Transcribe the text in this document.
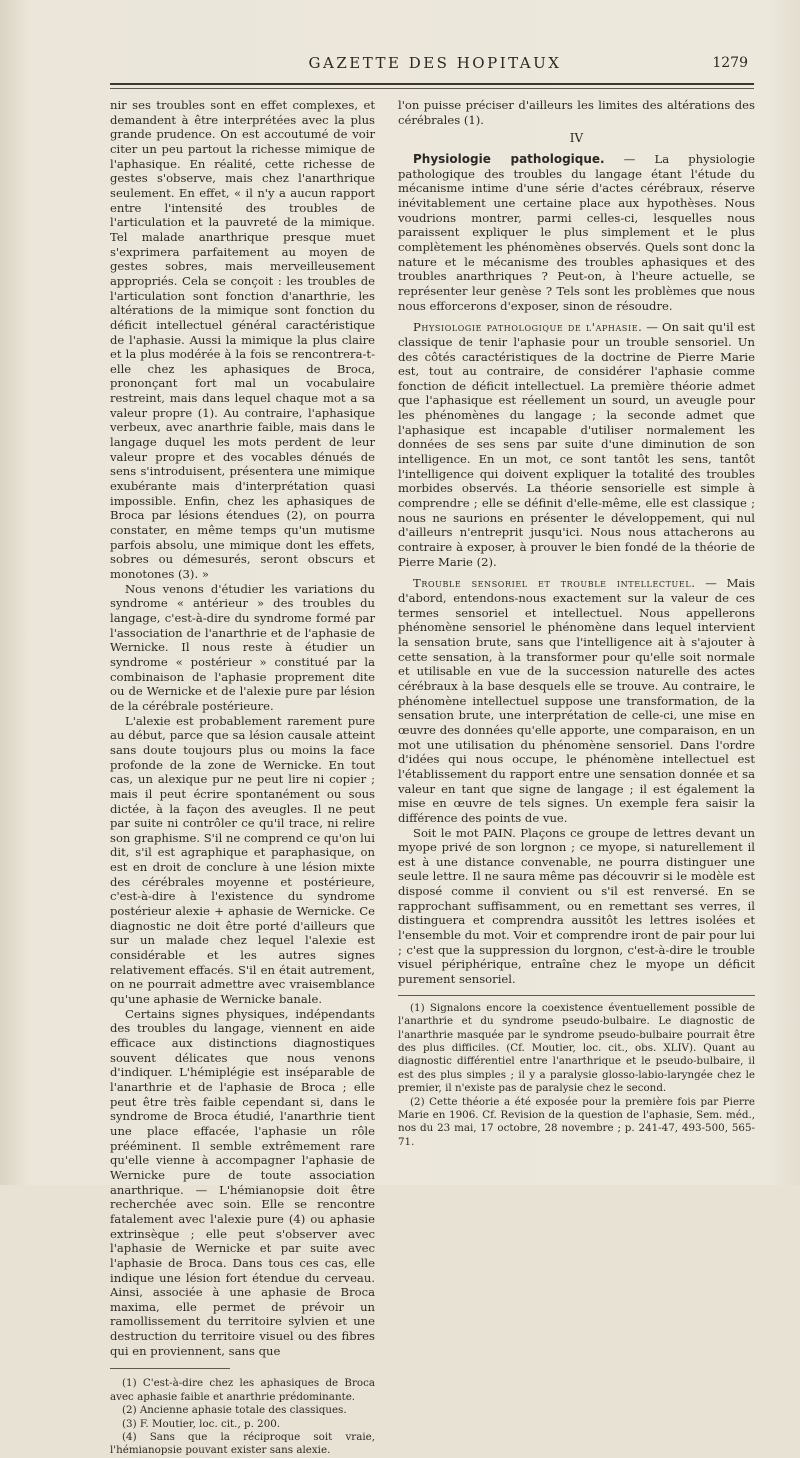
GAZETTE DES HOPITAUX	1279

nir ses troubles sont en effet complexes, et demandent à être interprétées avec la plus grande prudence. On est accoutumé de voir citer un peu partout la richesse mimique de l'aphasique. En réalité, cette richesse de gestes s'observe, mais chez l'anarthrique seulement. En effet, « il n'y a aucun rapport entre l'intensité des troubles de l'articulation et la pauvreté de la mimique. Tel malade anarthrique presque muet s'exprimera parfaitement au moyen de gestes sobres, mais merveilleusement appropriés. Cela se conçoit : les troubles de l'articulation sont fonction d'anarthrie, les altérations de la mimique sont fonction du déficit intellectuel général caractéristique de l'aphasie. Aussi la mimique la plus claire et la plus modérée à la fois se rencontrera-t-elle chez les aphasiques de Broca, prononçant fort mal un vocabulaire restreint, mais dans lequel chaque mot a sa valeur propre (1). Au contraire, l'aphasique verbeux, avec anarthrie faible, mais dans le langage duquel les mots perdent de leur valeur propre et des vocables dénués de sens s'introduisent, présentera une mimique exubérante mais d'interprétation quasi impossible. Enfin, chez les aphasiques de Broca par lésions étendues (2), on pourra constater, en même temps qu'un mutisme parfois absolu, une mimique dont les effets, sobres ou démesurés, seront obscurs et monotones (3). »

Nous venons d'étudier les variations du syndrome « antérieur » des troubles du langage, c'est-à-dire du syndrome formé par l'association de l'anarthrie et de l'aphasie de Wernicke. Il nous reste à étudier un syndrome « postérieur » constitué par la combinaison de l'aphasie proprement dite ou de Wernicke et de l'alexie pure par lésion de la cérébrale postérieure.

L'alexie est probablement rarement pure au début, parce que sa lésion causale atteint sans doute toujours plus ou moins la face profonde de la zone de Wernicke. En tout cas, un alexique pur ne peut lire ni copier ; mais il peut écrire spontanément ou sous dictée, à la façon des aveugles. Il ne peut par suite ni contrôler ce qu'il trace, ni relire son graphisme. S'il ne comprend ce qu'on lui dit, s'il est agraphique et paraphasique, on est en droit de conclure à une lésion mixte des cérébrales moyenne et postérieure, c'est-à-dire à l'existence du syndrome postérieur alexie + aphasie de Wernicke. Ce diagnostic ne doit être porté d'ailleurs que sur un malade chez lequel l'alexie est considérable et les autres signes relativement effacés. S'il en était autrement, on ne pourrait admettre avec vraisemblance qu'une aphasie de Wernicke banale.

Certains signes physiques, indépendants des troubles du langage, viennent en aide efficace aux distinctions diagnostiques souvent délicates que nous venons d'indiquer. L'hémiplégie est inséparable de l'anarthrie et de l'aphasie de Broca ; elle peut être très faible cependant si, dans le syndrome de Broca étudié, l'anarthrie tient une place effacée, l'aphasie un rôle prééminent. Il semble extrêmement rare qu'elle vienne à accompagner l'aphasie de Wernicke pure de toute association anarthrique. — L'hémianopsie doit être recherchée avec soin. Elle se rencontre fatalement avec l'alexie pure (4) ou aphasie extrinsèque ; elle peut s'observer avec l'aphasie de Wernicke et par suite avec l'aphasie de Broca. Dans tous ces cas, elle indique une lésion fort étendue du cerveau. Ainsi, associée à une aphasie de Broca maxima, elle permet de prévoir un ramollissement du territoire sylvien et une destruction du territoire visuel ou des fibres qui en proviennent, sans que

(1) C'est-à-dire chez les aphasiques de Broca avec aphasie faible et anarthrie prédominante.

(2) Ancienne aphasie totale des classiques.

(3) F. Moutier, loc. cit., p. 200.

(4) Sans que la réciproque soit vraie, l'hémianopsie pouvant exister sans alexie.

l'on puisse préciser d'ailleurs les limites des altérations des cérébrales (1).

IV

Physiologie pathologique. — La physiologie pathologique des troubles du langage étant l'étude du mécanisme intime d'une série d'actes cérébraux, réserve inévitablement une certaine place aux hypothèses. Nous voudrions montrer, parmi celles-ci, lesquelles nous paraissent expliquer le plus simplement et le plus complètement les phénomènes observés. Quels sont donc la nature et le mécanisme des troubles aphasiques et des troubles anarthriques ? Peut-on, à l'heure actuelle, se représenter leur genèse ? Tels sont les problèmes que nous nous efforcerons d'exposer, sinon de résoudre.

Physiologie pathologique de l'aphasie. — On sait qu'il est classique de tenir l'aphasie pour un trouble sensoriel. Un des côtés caractéristiques de la doctrine de Pierre Marie est, tout au contraire, de considérer l'aphasie comme fonction de déficit intellectuel. La première théorie admet que l'aphasique est réellement un sourd, un aveugle pour les phénomènes du langage ; la seconde admet que l'aphasique est incapable d'utiliser normalement les données de ses sens par suite d'une diminution de son intelligence. En un mot, ce sont tantôt les sens, tantôt l'intelligence qui doivent expliquer la totalité des troubles morbides observés. La théorie sensorielle est simple à comprendre ; elle se définit d'elle-même, elle est classique ; nous ne saurions en présenter le développement, qui nul d'ailleurs n'entreprit jusqu'ici. Nous nous attacherons au contraire à exposer, à prouver le bien fondé de la théorie de Pierre Marie (2).

Trouble sensoriel et trouble intellectuel. — Mais d'abord, entendons-nous exactement sur la valeur de ces termes sensoriel et intellectuel. Nous appellerons phénomène sensoriel le phénomène dans lequel intervient la sensation brute, sans que l'intelligence ait à s'ajouter à cette sensation, à la transformer pour qu'elle soit normale et utilisable en vue de la succession naturelle des actes cérébraux à la base desquels elle se trouve. Au contraire, le phénomène intellectuel suppose une transformation, de la sensation brute, une interprétation de celle-ci, une mise en œuvre des données qu'elle apporte, une comparaison, en un mot une utilisation du phénomène sensoriel. Dans l'ordre d'idées qui nous occupe, le phénomène intellectuel est l'établissement du rapport entre une sensation donnée et sa valeur en tant que signe de langage ; il est également la mise en œuvre de tels signes. Un exemple fera saisir la différence des points de vue.

Soit le mot PAIN. Plaçons ce groupe de lettres devant un myope privé de son lorgnon ; ce myope, si naturellement il est à une distance convenable, ne pourra distinguer une seule lettre. Il ne saura même pas découvrir si le modèle est disposé comme il convient ou s'il est renversé. En se rapprochant suffisamment, ou en remettant ses verres, il distinguera et comprendra aussitôt les lettres isolées et l'ensemble du mot. Voir et comprendre iront de pair pour lui ; c'est que la suppression du lorgnon, c'est-à-dire le trouble visuel périphérique, entraîne chez le myope un déficit purement sensoriel.

(1) Signalons encore la coexistence éventuellement possible de l'anarthrie et du syndrome pseudo-bulbaire. Le diagnostic de l'anarthrie masquée par le syndrome pseudo-bulbaire pourrait être des plus difficiles. (Cf. Moutier, loc. cit., obs. XLIV). Quant au diagnostic différentiel entre l'anarthrique et le pseudo-bulbaire, il est des plus simples ; il y a paralysie glosso-labio-laryngée chez le premier, il n'existe pas de paralysie chez le second.

(2) Cette théorie a été exposée pour la première fois par Pierre Marie en 1906. Cf. Revision de la question de l'aphasie, Sem. méd., nos du 23 mai, 17 octobre, 28 novembre ; p. 241-47, 493-500, 565-71.
